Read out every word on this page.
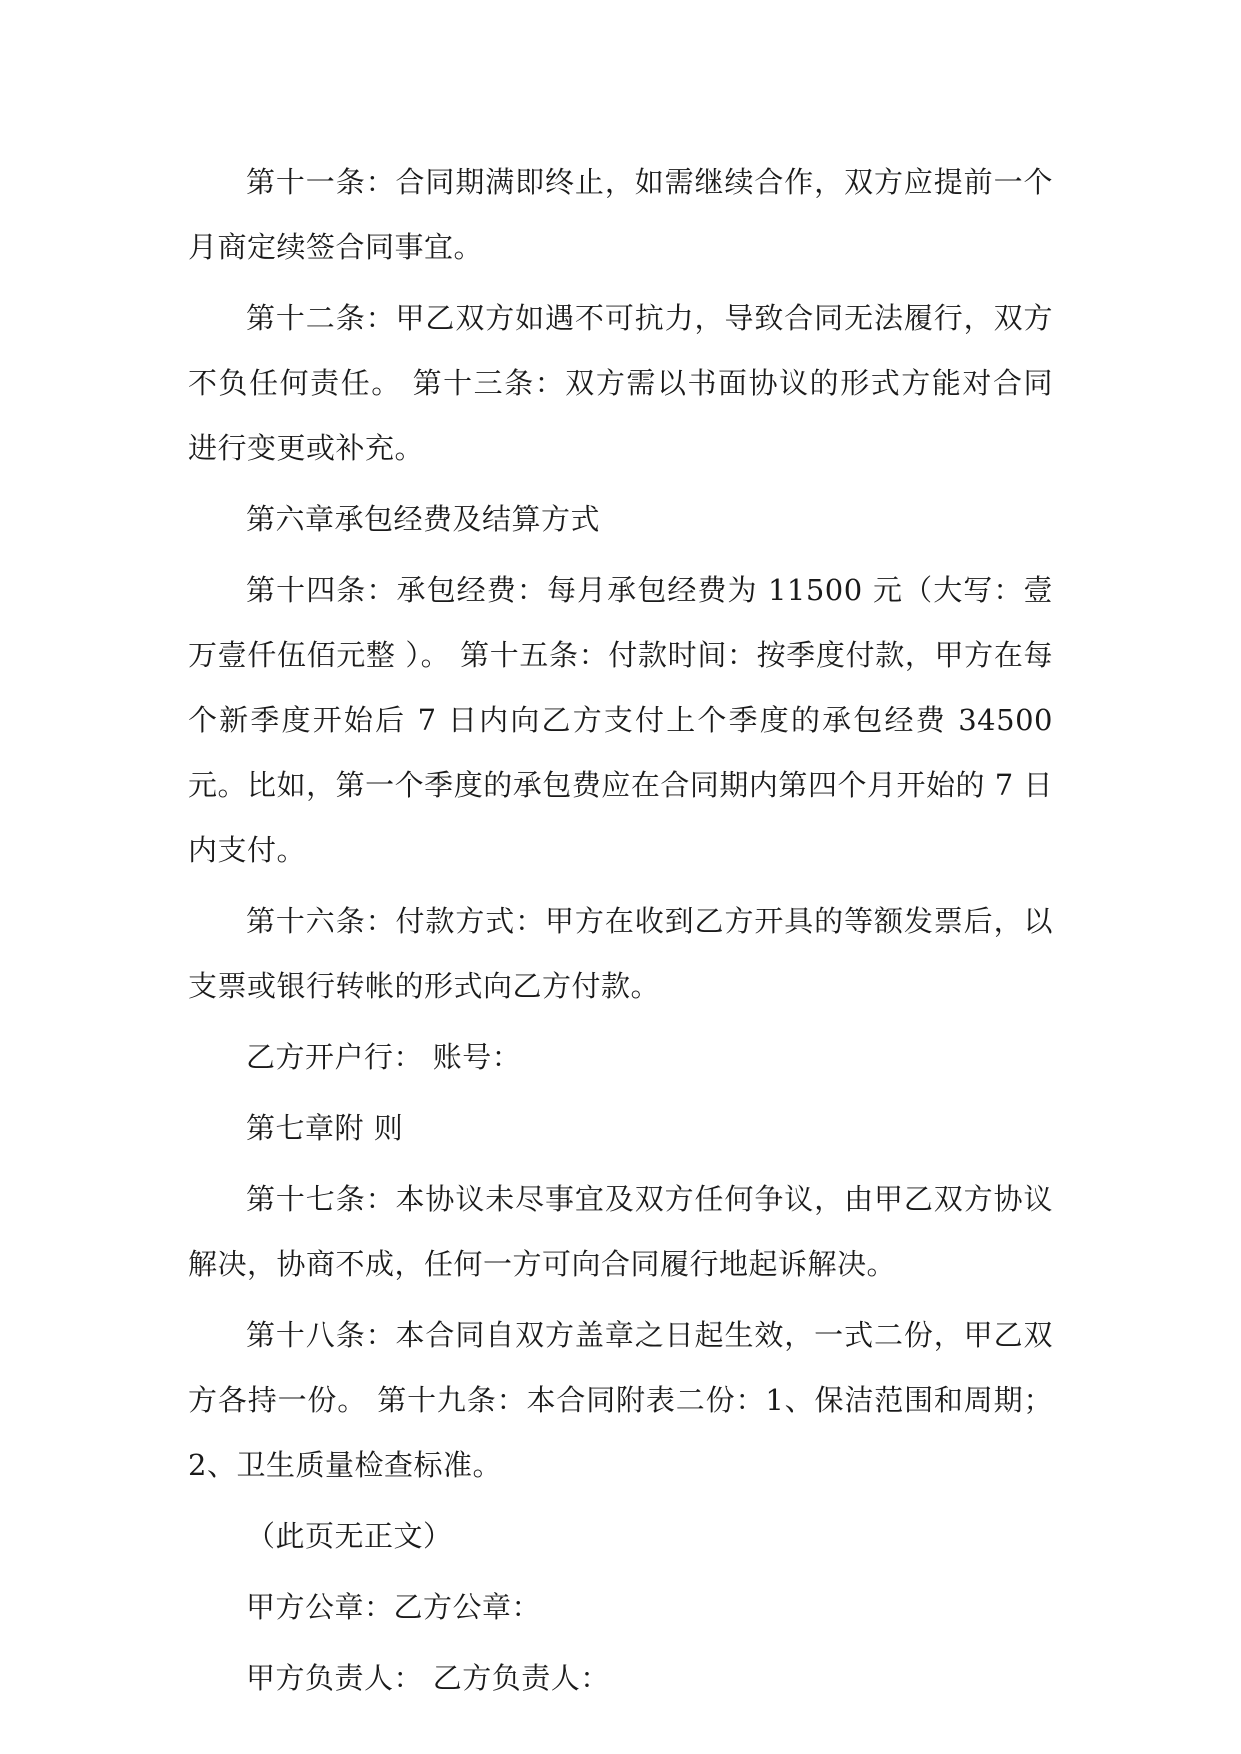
第十一条：合同期满即终止，如需继续合作，双方应提前一个月商定续签合同事宜。

第十二条：甲乙双方如遇不可抗力，导致合同无法履行，双方不负任何责任。 第十三条：双方需以书面协议的形式方能对合同进行变更或补充。

第六章承包经费及结算方式

第十四条：承包经费：每月承包经费为 11500 元（大写：壹万壹仟伍佰元整 ）。 第十五条：付款时间：按季度付款，甲方在每个新季度开始后 7 日内向乙方支付上个季度的承包经费 34500 元。比如，第一个季度的承包费应在合同期内第四个月开始的 7 日内支付。

第十六条：付款方式：甲方在收到乙方开具的等额发票后，以支票或银行转帐的形式向乙方付款。

乙方开户行： 账号：

第七章附 则

第十七条：本协议未尽事宜及双方任何争议，由甲乙双方协议解决，协商不成，任何一方可向合同履行地起诉解决。

第十八条：本合同自双方盖章之日起生效，一式二份，甲乙双方各持一份。 第十九条：本合同附表二份：1、保洁范围和周期；2、卫生质量检查标准。

（此页无正文）

甲方公章：乙方公章：

甲方负责人： 乙方负责人：
